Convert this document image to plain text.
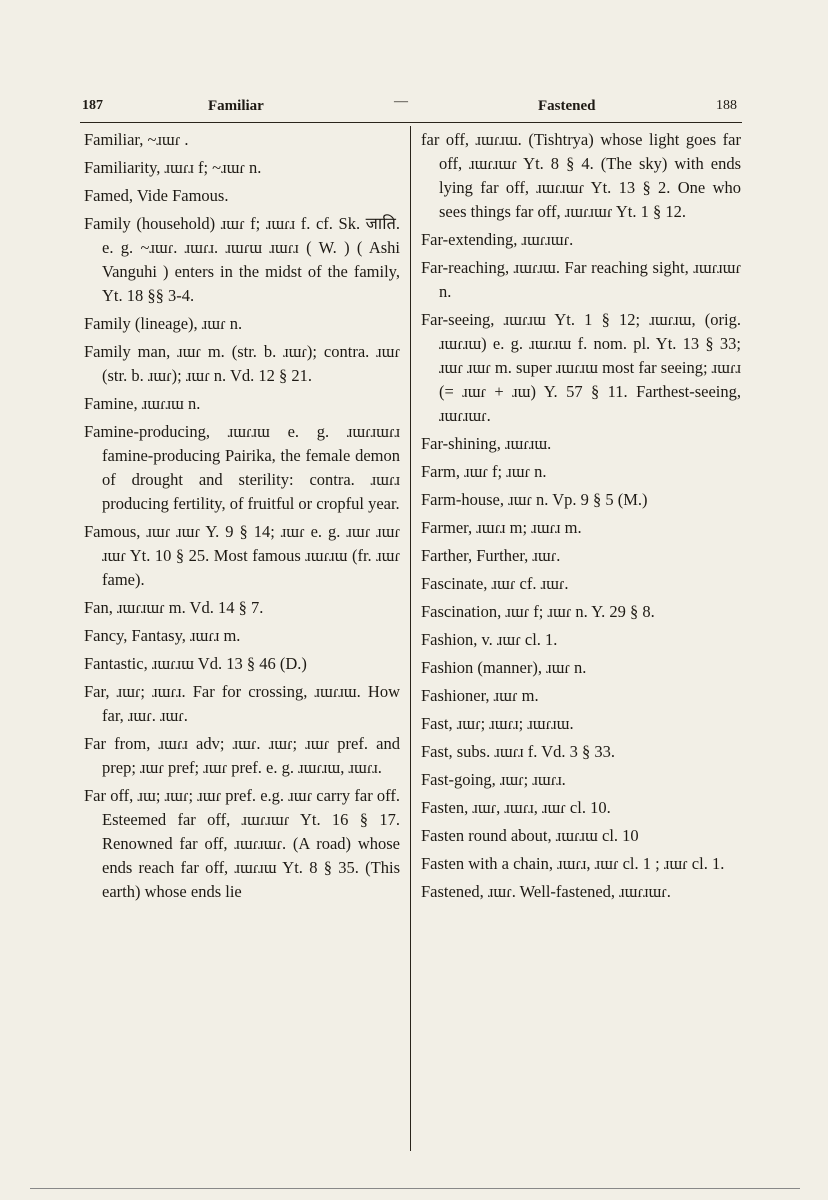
187	Familiar	—	Fastened	188

Familiar, ~ɹɯɾ .

Familiarity, ɹɯɾɹ f; ~ɹɯɾ n.

Famed, Vide Famous.

Family (household) ɹɯɾ f; ɹɯɾɹ f. cf. Sk. जाति. e. g. ~ɹɯɾ. ɹɯɾɹ. ɹɯɾɯ ɹɯɾɹ ( W. ) ( Ashi Vanguhi ) enters in the midst of the family, Yt. 18 §§ 3-4.

Family (lineage), ɹɯɾ n.

Family man, ɹɯɾ m. (str. b. ɹɯɾ); contra. ɹɯɾ (str. b. ɹɯɾ); ɹɯɾ n. Vd. 12 § 21.

Famine, ɹɯɾɹɯ n.

Famine-producing, ɹɯɾɹɯ e. g. ɹɯɾɹɯɾɹ famine-producing Pairika, the female demon of drought and sterility: contra. ɹɯɾɹ producing fertility, of fruitful or cropful year.

Famous, ɹɯɾ ɹɯɾ Y. 9 § 14; ɹɯɾ e. g. ɹɯɾ ɹɯɾ ɹɯɾ Yt. 10 § 25. Most famous ɹɯɾɹɯ (fr. ɹɯɾ fame).

Fan, ɹɯɾɹɯɾ m. Vd. 14 § 7.

Fancy, Fantasy, ɹɯɾɹ m.

Fantastic, ɹɯɾɹɯ Vd. 13 § 46 (D.)

Far, ɹɯɾ; ɹɯɾɹ. Far for crossing, ɹɯɾɹɯ. How far, ɹɯɾ. ɹɯɾ.

Far from, ɹɯɾɹ adv; ɹɯɾ. ɹɯɾ; ɹɯɾ pref. and prep; ɹɯɾ pref; ɹɯɾ pref. e. g. ɹɯɾɹɯ, ɹɯɾɹ.

Far off, ɹɯ; ɹɯɾ; ɹɯɾ pref. e.g. ɹɯɾ carry far off. Esteemed far off, ɹɯɾɹɯɾ Yt. 16 § 17. Renowned far off, ɹɯɾɹɯɾ. (A road) whose ends reach far off, ɹɯɾɹɯ Yt. 8 § 35. (This earth) whose ends lie

far off, ɹɯɾɹɯ. (Tishtrya) whose light goes far off, ɹɯɾɹɯɾ Yt. 8 § 4. (The sky) with ends lying far off, ɹɯɾɹɯɾ Yt. 13 § 2. One who sees things far off, ɹɯɾɹɯɾ Yt. 1 § 12.

Far-extending, ɹɯɾɹɯɾ.

Far-reaching, ɹɯɾɹɯ. Far reaching sight, ɹɯɾɹɯɾ n.

Far-seeing, ɹɯɾɹɯ Yt. 1 § 12; ɹɯɾɹɯ, (orig. ɹɯɾɹɯ) e. g. ɹɯɾɹɯ f. nom. pl. Yt. 13 § 33; ɹɯɾ ɹɯɾ m. super ɹɯɾɹɯ most far seeing; ɹɯɾɹ (= ɹɯɾ + ɹɯ) Y. 57 § 11. Farthest-seeing, ɹɯɾɹɯɾ.

Far-shining, ɹɯɾɹɯ.

Farm, ɹɯɾ f; ɹɯɾ n.

Farm-house, ɹɯɾ n. Vp. 9 § 5 (M.)

Farmer, ɹɯɾɹ m; ɹɯɾɹ m.

Farther, Further, ɹɯɾ.

Fascinate, ɹɯɾ cf. ɹɯɾ.

Fascination, ɹɯɾ f; ɹɯɾ n. Y. 29 § 8.

Fashion, v. ɹɯɾ cl. 1.

Fashion (manner), ɹɯɾ n.

Fashioner, ɹɯɾ m.

Fast, ɹɯɾ; ɹɯɾɹ; ɹɯɾɹɯ.

Fast, subs. ɹɯɾɹ f. Vd. 3 § 33.

Fast-going, ɹɯɾ; ɹɯɾɹ.

Fasten, ɹɯɾ, ɹɯɾɹ, ɹɯɾ cl. 10.

Fasten round about, ɹɯɾɹɯ cl. 10

Fasten with a chain, ɹɯɾɹ, ɹɯɾ cl. 1 ; ɹɯɾ cl. 1.

Fastened, ɹɯɾ. Well-fastened, ɹɯɾɹɯɾ.
